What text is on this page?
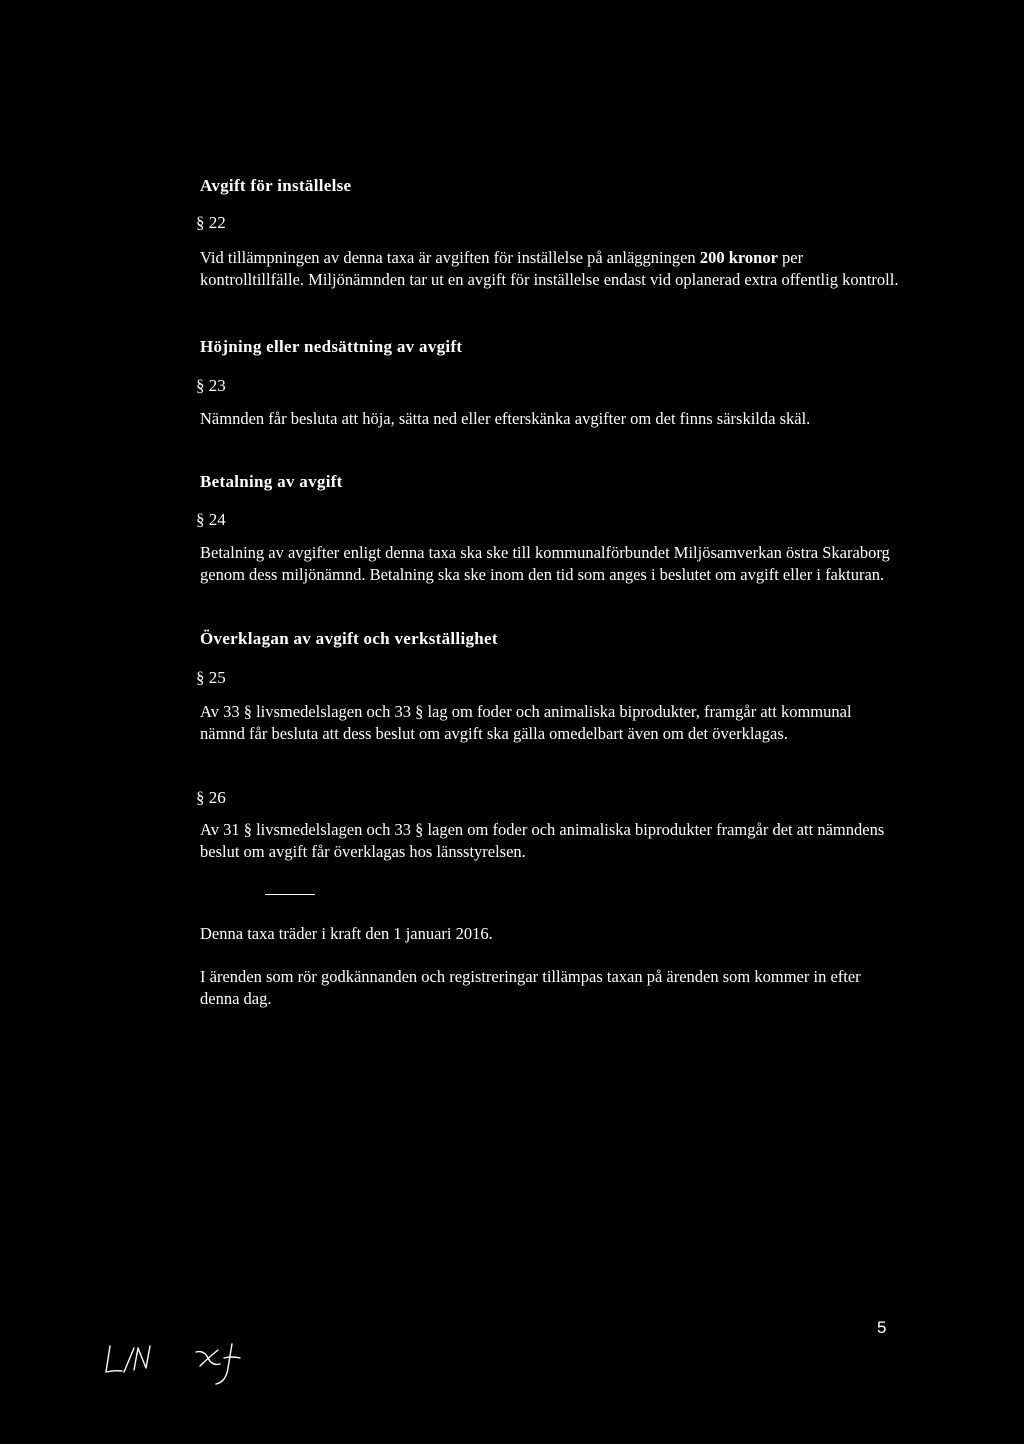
Avgift för inställelse
§ 22
Vid tillämpningen av denna taxa är avgiften för inställelse på anläggningen 200 kronor per kontrolltillfälle. Miljönämnden tar ut en avgift för inställelse endast vid oplanerad extra offentlig kontroll.
Höjning eller nedsättning av avgift
§ 23
Nämnden får besluta att höja, sätta ned eller efterskänka avgifter om det finns särskilda skäl.
Betalning av avgift
§ 24
Betalning av avgifter enligt denna taxa ska ske till kommunalförbundet Miljösamverkan östra Skaraborg genom dess miljönämnd. Betalning ska ske inom den tid som anges i beslutet om avgift eller i fakturan.
Överklagan av avgift och verkställighet
§ 25
Av 33 § livsmedelslagen och 33 § lag om foder och animaliska biprodukter, framgår att kommunal nämnd får besluta att dess beslut om avgift ska gälla omedelbart även om det överklagas.
§ 26
Av 31 § livsmedelslagen och 33 § lagen om foder och animaliska biprodukter framgår det att nämndens beslut om avgift får överklagas hos länsstyrelsen.
Denna taxa träder i kraft den 1 januari 2016.
I ärenden som rör godkännanden och registreringar tillämpas taxan på ärenden som kommer in efter denna dag.
5
